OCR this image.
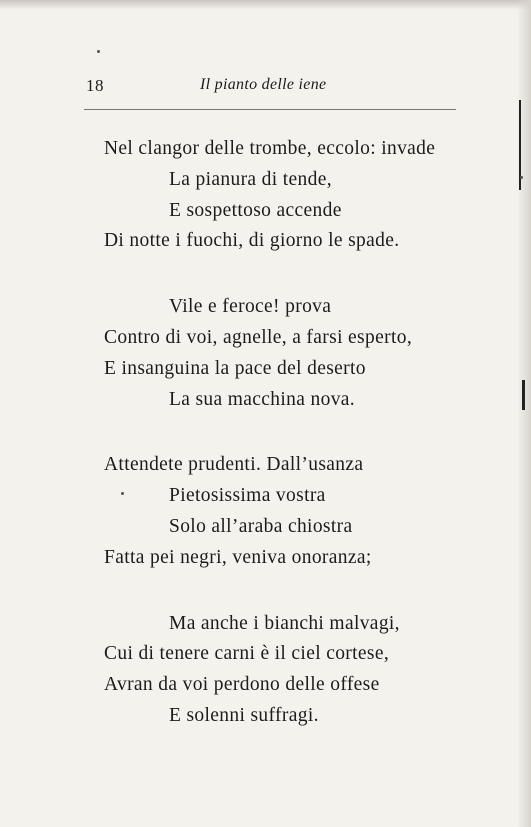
18	Il pianto delle iene
Nel clangor delle trombe, eccolo: invade
La pianura di tende,
E sospettoso accende
Di notte i fuochi, di giorno le spade.
Vile e feroce! prova
Contro di voi, agnelle, a farsi esperto,
E insanguina la pace del deserto
La sua macchina nova.
Attendete prudenti. Dall’usanza
Pietosissima vostra
Solo all’araba chiostra
Fatta pei negri, veniva onoranza;
Ma anche i bianchi malvagi,
Cui di tenere carni è il ciel cortese,
Avran da voi perdono delle offese
E solenni suffragi.
